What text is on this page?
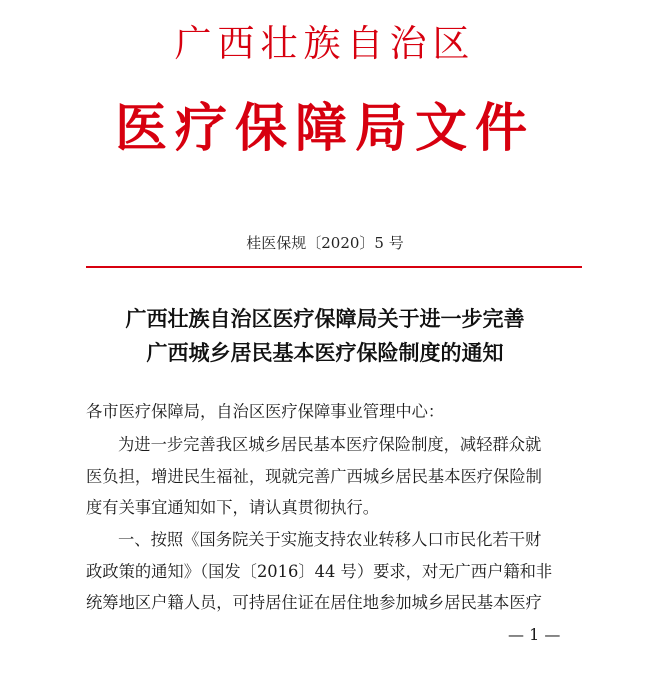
广西壮族自治区
医疗保障局文件
桂医保规〔2020〕5 号
广西壮族自治区医疗保障局关于进一步完善
广西城乡居民基本医疗保险制度的通知
各市医疗保障局，自治区医疗保障事业管理中心：
为进一步完善我区城乡居民基本医疗保险制度，减轻群众就
医负担，增进民生福祉，现就完善广西城乡居民基本医疗保险制
度有关事宜通知如下，请认真贯彻执行。
一、按照《国务院关于实施支持农业转移人口市民化若干财
政政策的通知》（国发〔2016〕44 号）要求，对无广西户籍和非
统筹地区户籍人员，可持居住证在居住地参加城乡居民基本医疗
— 1 —
